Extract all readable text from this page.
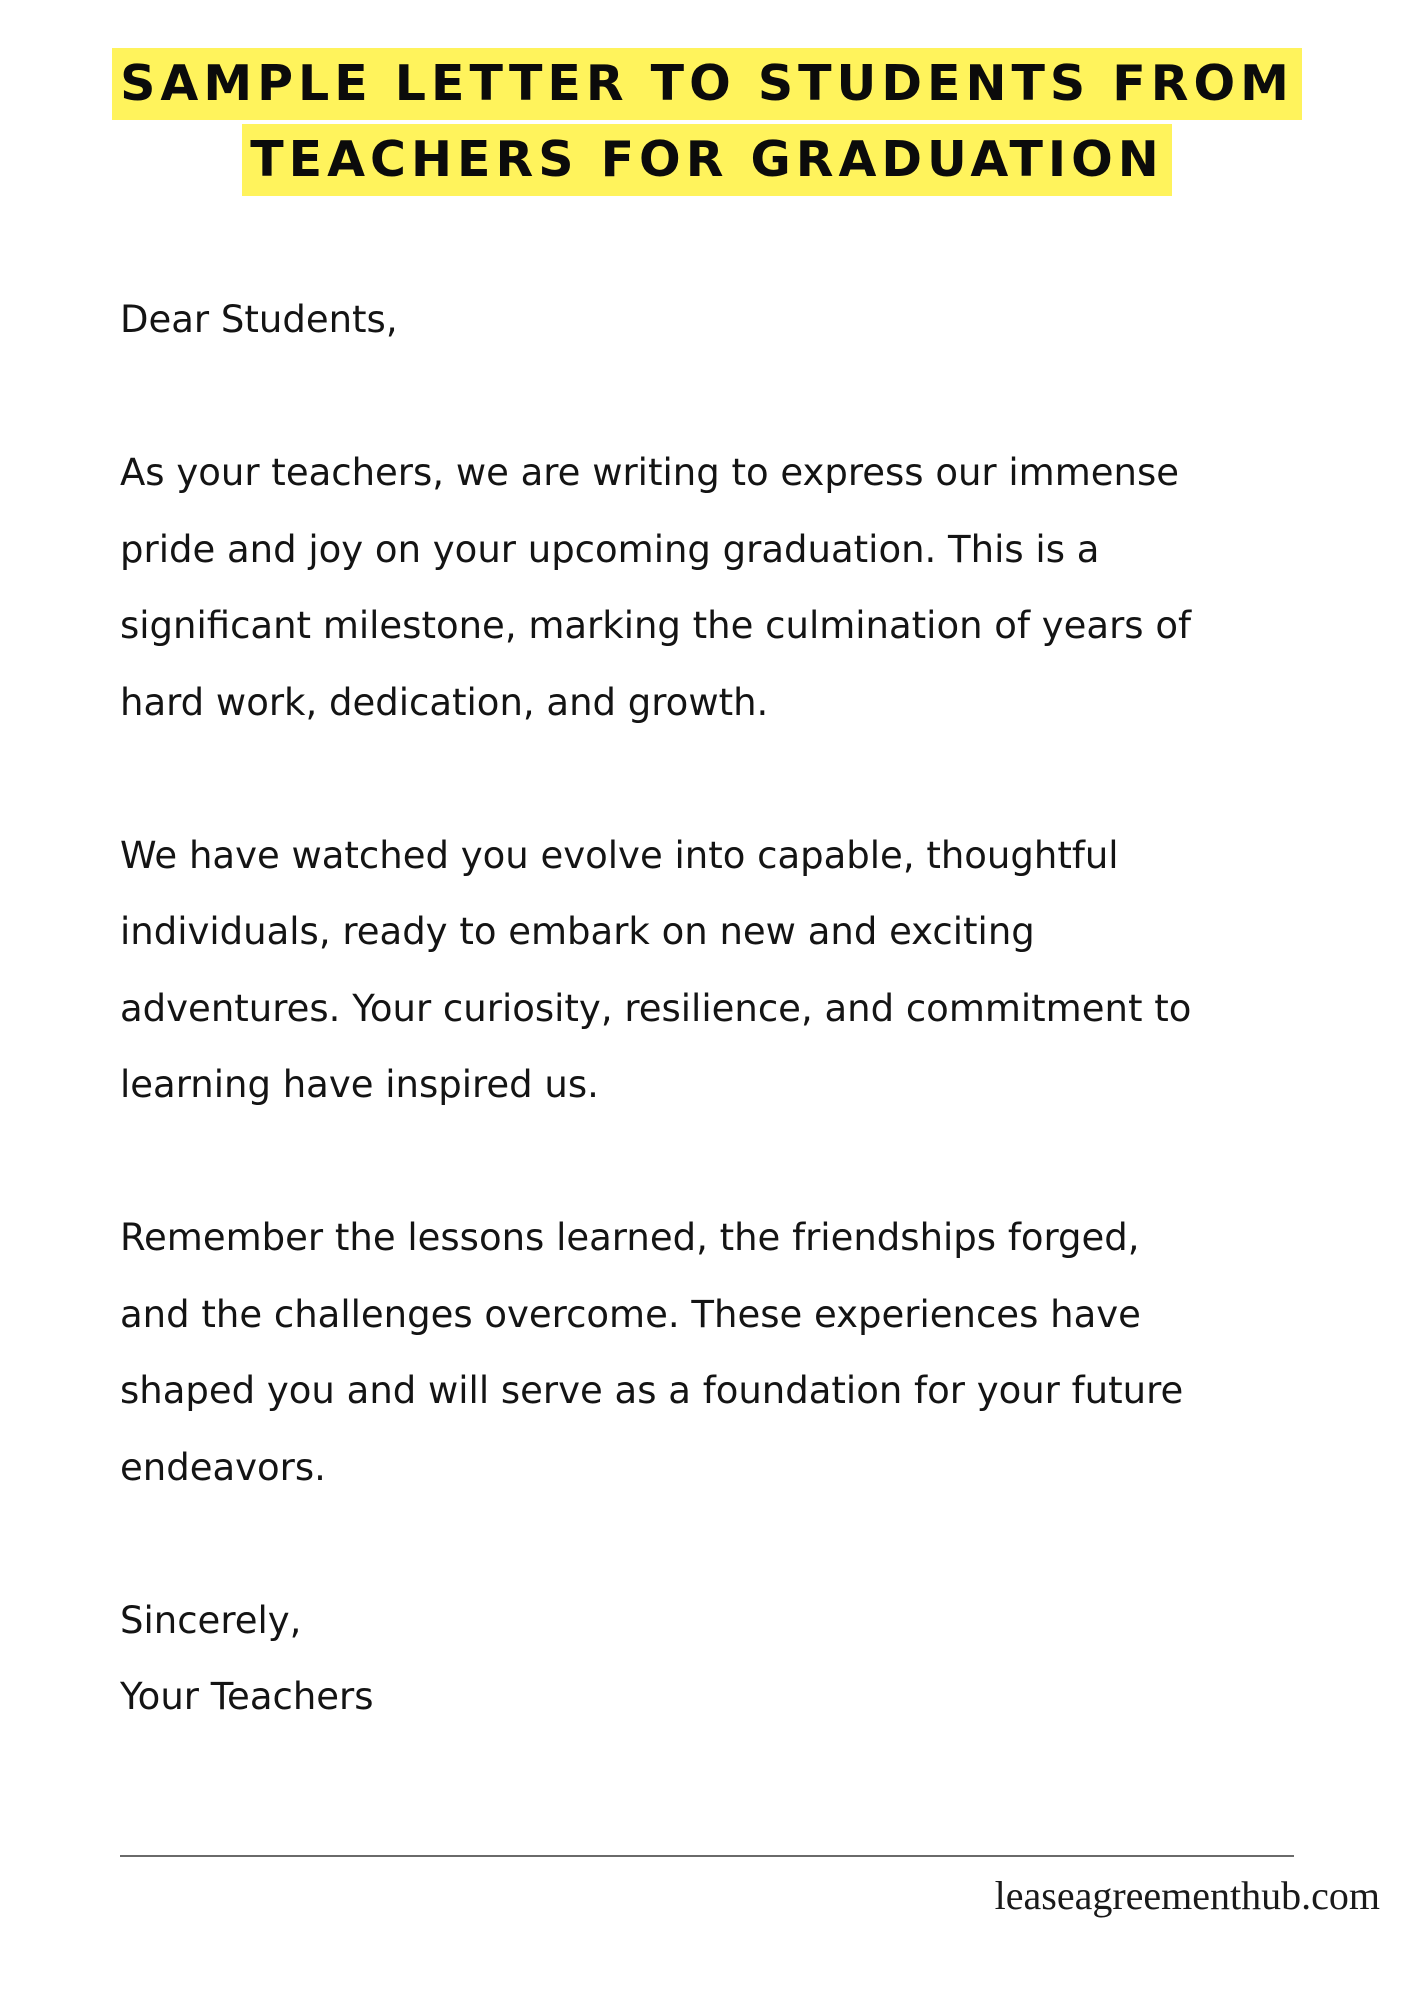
SAMPLE LETTER TO STUDENTS FROM
TEACHERS FOR GRADUATION

Dear Students,

As your teachers, we are writing to express our immense

pride and joy on your upcoming graduation. This is a

significant milestone, marking the culmination of years of

hard work, dedication, and growth.

We have watched you evolve into capable, thoughtful

individuals, ready to embark on new and exciting

adventures. Your curiosity, resilience, and commitment to

learning have inspired us.

Remember the lessons learned, the friendships forged,

and the challenges overcome. These experiences have

shaped you and will serve as a foundation for your future

endeavors.

Sincerely,

Your Teachers

leaseagreementhub.com
